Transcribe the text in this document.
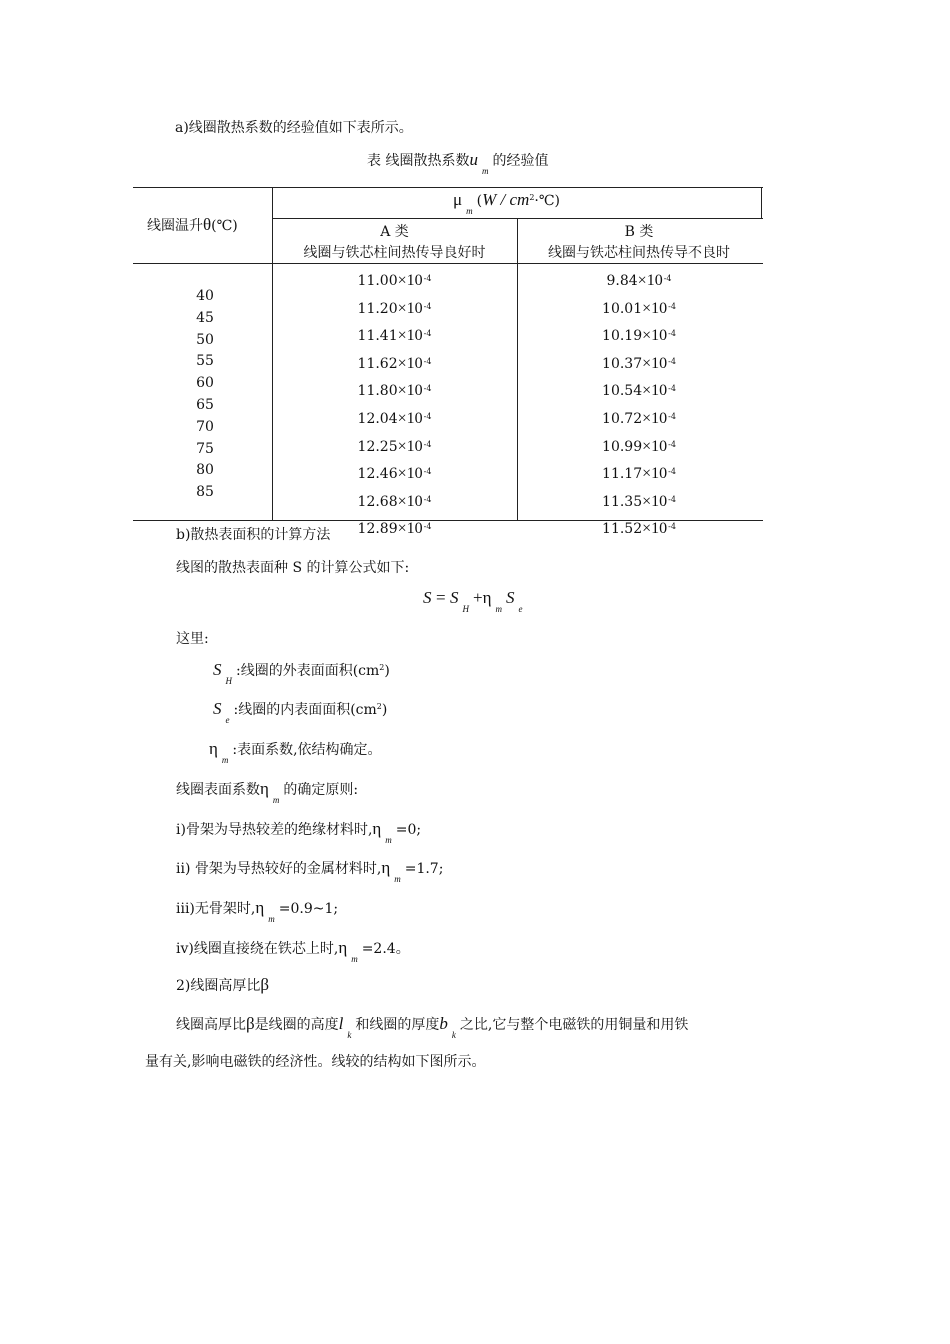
a)线圈散热系数的经验值如下表所示。
表 线圈散热系数$u_m$的经验值
线圈温升θ(℃)
$\mu_m(W$ / $cm^2\cdot℃$)
A 类
线圈与铁芯柱间热传导良好时
B 类
线圈与铁芯柱间热传导不良时
40
45
50
55
60
65
70
75
80
85
$11.00\times 10^{-4}$
$11.20\times 10^{-4}$
$11.41\times 10^{-4}$
$11.62\times 10^{-4}$
$11.80\times 10^{-4}$
$12.04\times 10^{-4}$
$12.25\times 10^{-4}$
$12.46\times 10^{-4}$
$12.68\times 10^{-4}$
$12.89\times 10^{-4}$
$9.84\times 10^{-4}$
$10.01\times 10^{-4}$
$10.19\times 10^{-4}$
$10.37\times 10^{-4}$
$10.54\times 10^{-4}$
$10.72\times 10^{-4}$
$10.99\times 10^{-4}$
$11.17\times 10^{-4}$
$11.35\times 10^{-4}$
$11.52\times 10^{-4}$
b)散热表面积的计算方法
线图的散热表面种 S 的计算公式如下:
$S = S_H+\eta_mS_e$
这里:
$S_H$:线圈的外表面面积$(cm^2)$
$S_e$:线圈的内表面面积$(cm^2)$
$\eta_m$:表面系数,依结构确定。
线圈表面系数$\eta_m$的确定原则:
i)骨架为导热较差的绝缘材料时$,\eta_m=0$;
ii) 骨架为导热较好的金属材料时$,\eta_m=1.7$;
iii)无骨架时$,\eta_m=0.9\sim 1$;
iv)线圈直接绕在铁芯上时$,\eta_m=2.4$。
2)线圈高厚比β
线圈高厚比β是线圈的高度$l_k$和线圈的厚度$b_k$之比,它与整个电磁铁的用铜量和用铁
量有关,影响电磁铁的经济性。线较的结构如下图所示。
